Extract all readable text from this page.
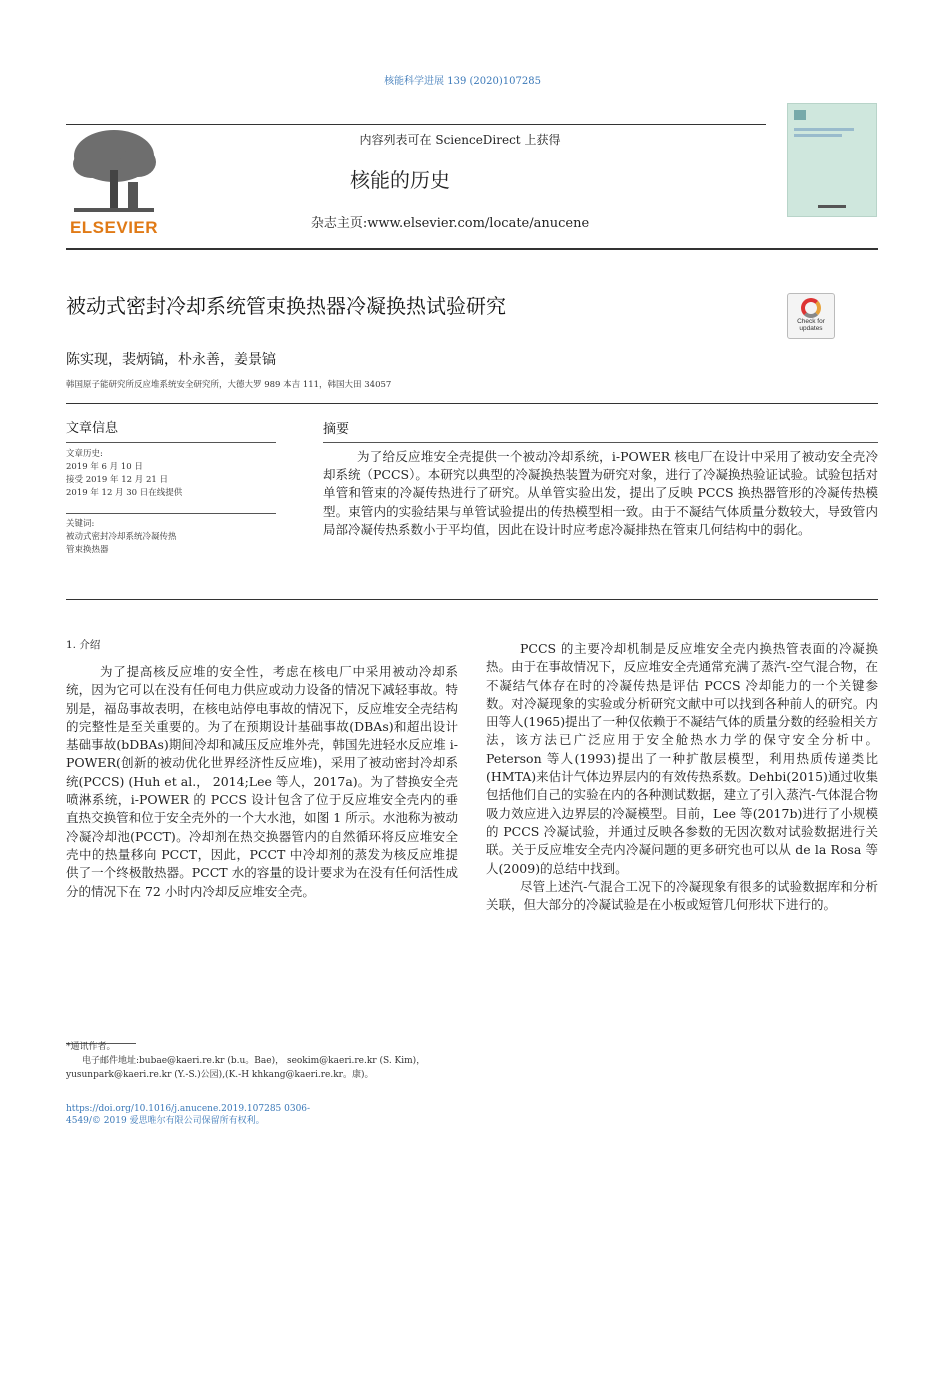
核能科学进展 139 (2020)107285
ELSEVIER
内容列表可在 ScienceDirect 上获得
核能的历史
杂志主页:www.elsevier.com/locate/anucene
被动式密封冷却系统管束换热器冷凝换热试验研究
Check for updates
陈实现，裴炳镐，朴永善，姜景镐
韩国原子能研究所反应堆系统安全研究所，大德大罗 989 本吉 111，韩国大田 34057
文章信息
文章历史:
2019 年 6 月 10 日
接受 2019 年 12 月 21 日
2019 年 12 月 30 日在线提供
关键词:
被动式密封冷却系统冷凝传热
管束换热器
摘要
为了给反应堆安全壳提供一个被动冷却系统，i-POWER 核电厂在设计中采用了被动安全壳冷却系统（PCCS）。本研究以典型的冷凝换热装置为研究对象，进行了冷凝换热验证试验。试验包括对单管和管束的冷凝传热进行了研究。从单管实验出发，提出了反映 PCCS 换热器管形的冷凝传热模型。束管内的实验结果与单管试验提出的传热模型相一致。由于不凝结气体质量分数较大，导致管内局部冷凝传热系数小于平均值，因此在设计时应考虑冷凝排热在管束几何结构中的弱化。
1. 介绍
为了提高核反应堆的安全性，考虑在核电厂中采用被动冷却系统，因为它可以在没有任何电力供应或动力设备的情况下减轻事故。特别是，福岛事故表明，在核电站停电事故的情况下，反应堆安全壳结构的完整性是至关重要的。为了在预期设计基础事故(DBAs)和超出设计基础事故(bDBAs)期间冷却和减压反应堆外壳，韩国先进轻水反应堆 i-POWER(创新的被动优化世界经济性反应堆)，采用了被动密封冷却系统(PCCS) (Huh et al.， 2014;Lee 等人，2017a)。为了替换安全壳喷淋系统，i-POWER 的 PCCS 设计包含了位于反应堆安全壳内的垂直热交换管和位于安全壳外的一个大水池，如图 1 所示。水池称为被动冷凝冷却池(PCCT)。冷却剂在热交换器管内的自然循环将反应堆安全壳中的热量移向 PCCT，因此，PCCT 中冷却剂的蒸发为核反应堆提供了一个终极散热器。PCCT 水的容量的设计要求为在没有任何活性成分的情况下在 72 小时内冷却反应堆安全壳。

PCCS 的主要冷却机制是反应堆安全壳内换热管表面的冷凝换热。由于在事故情况下，反应堆安全壳通常充满了蒸汽-空气混合物，在不凝结气体存在时的冷凝传热是评估 PCCS 冷却能力的一个关键参数。对冷凝现象的实验或分析研究文献中可以找到各种前人的研究。内田等人(1965)提出了一种仅依赖于不凝结气体的质量分数的经验相关方法，该方法已广泛应用于安全舱热水力学的保守安全分析中。Peterson 等人(1993)提出了一种扩散层模型，利用热质传递类比(HMTA)来估计气体边界层内的有效传热系数。Dehbi(2015)通过收集包括他们自己的实验在内的各种测试数据，建立了引入蒸汽-气体混合物吸力效应进入边界层的冷凝模型。目前，Lee 等(2017b)进行了小规模的 PCCS 冷凝试验，并通过反映各参数的无因次数对试验数据进行关联。关于反应堆安全壳内冷凝问题的更多研究也可以从 de la Rosa 等人(2009)的总结中找到。

尽管上述汽-气混合工况下的冷凝现象有很多的试验数据库和分析关联，但大部分的冷凝试验是在小板或短管几何形状下进行的。

*通讯作者。
电子邮件地址:bubae@kaeri.re.kr (b.u。Bae)， seokim@kaeri.re.kr (S. Kim)，yusunpark@kaeri.re.kr (Y.-S.)公园),(K.-H khkang@kaeri.re.kr。康)。
https://doi.org/10.1016/j.anucene.2019.107285 0306-4549/© 2019 爱思唯尔有限公司保留所有权利。
